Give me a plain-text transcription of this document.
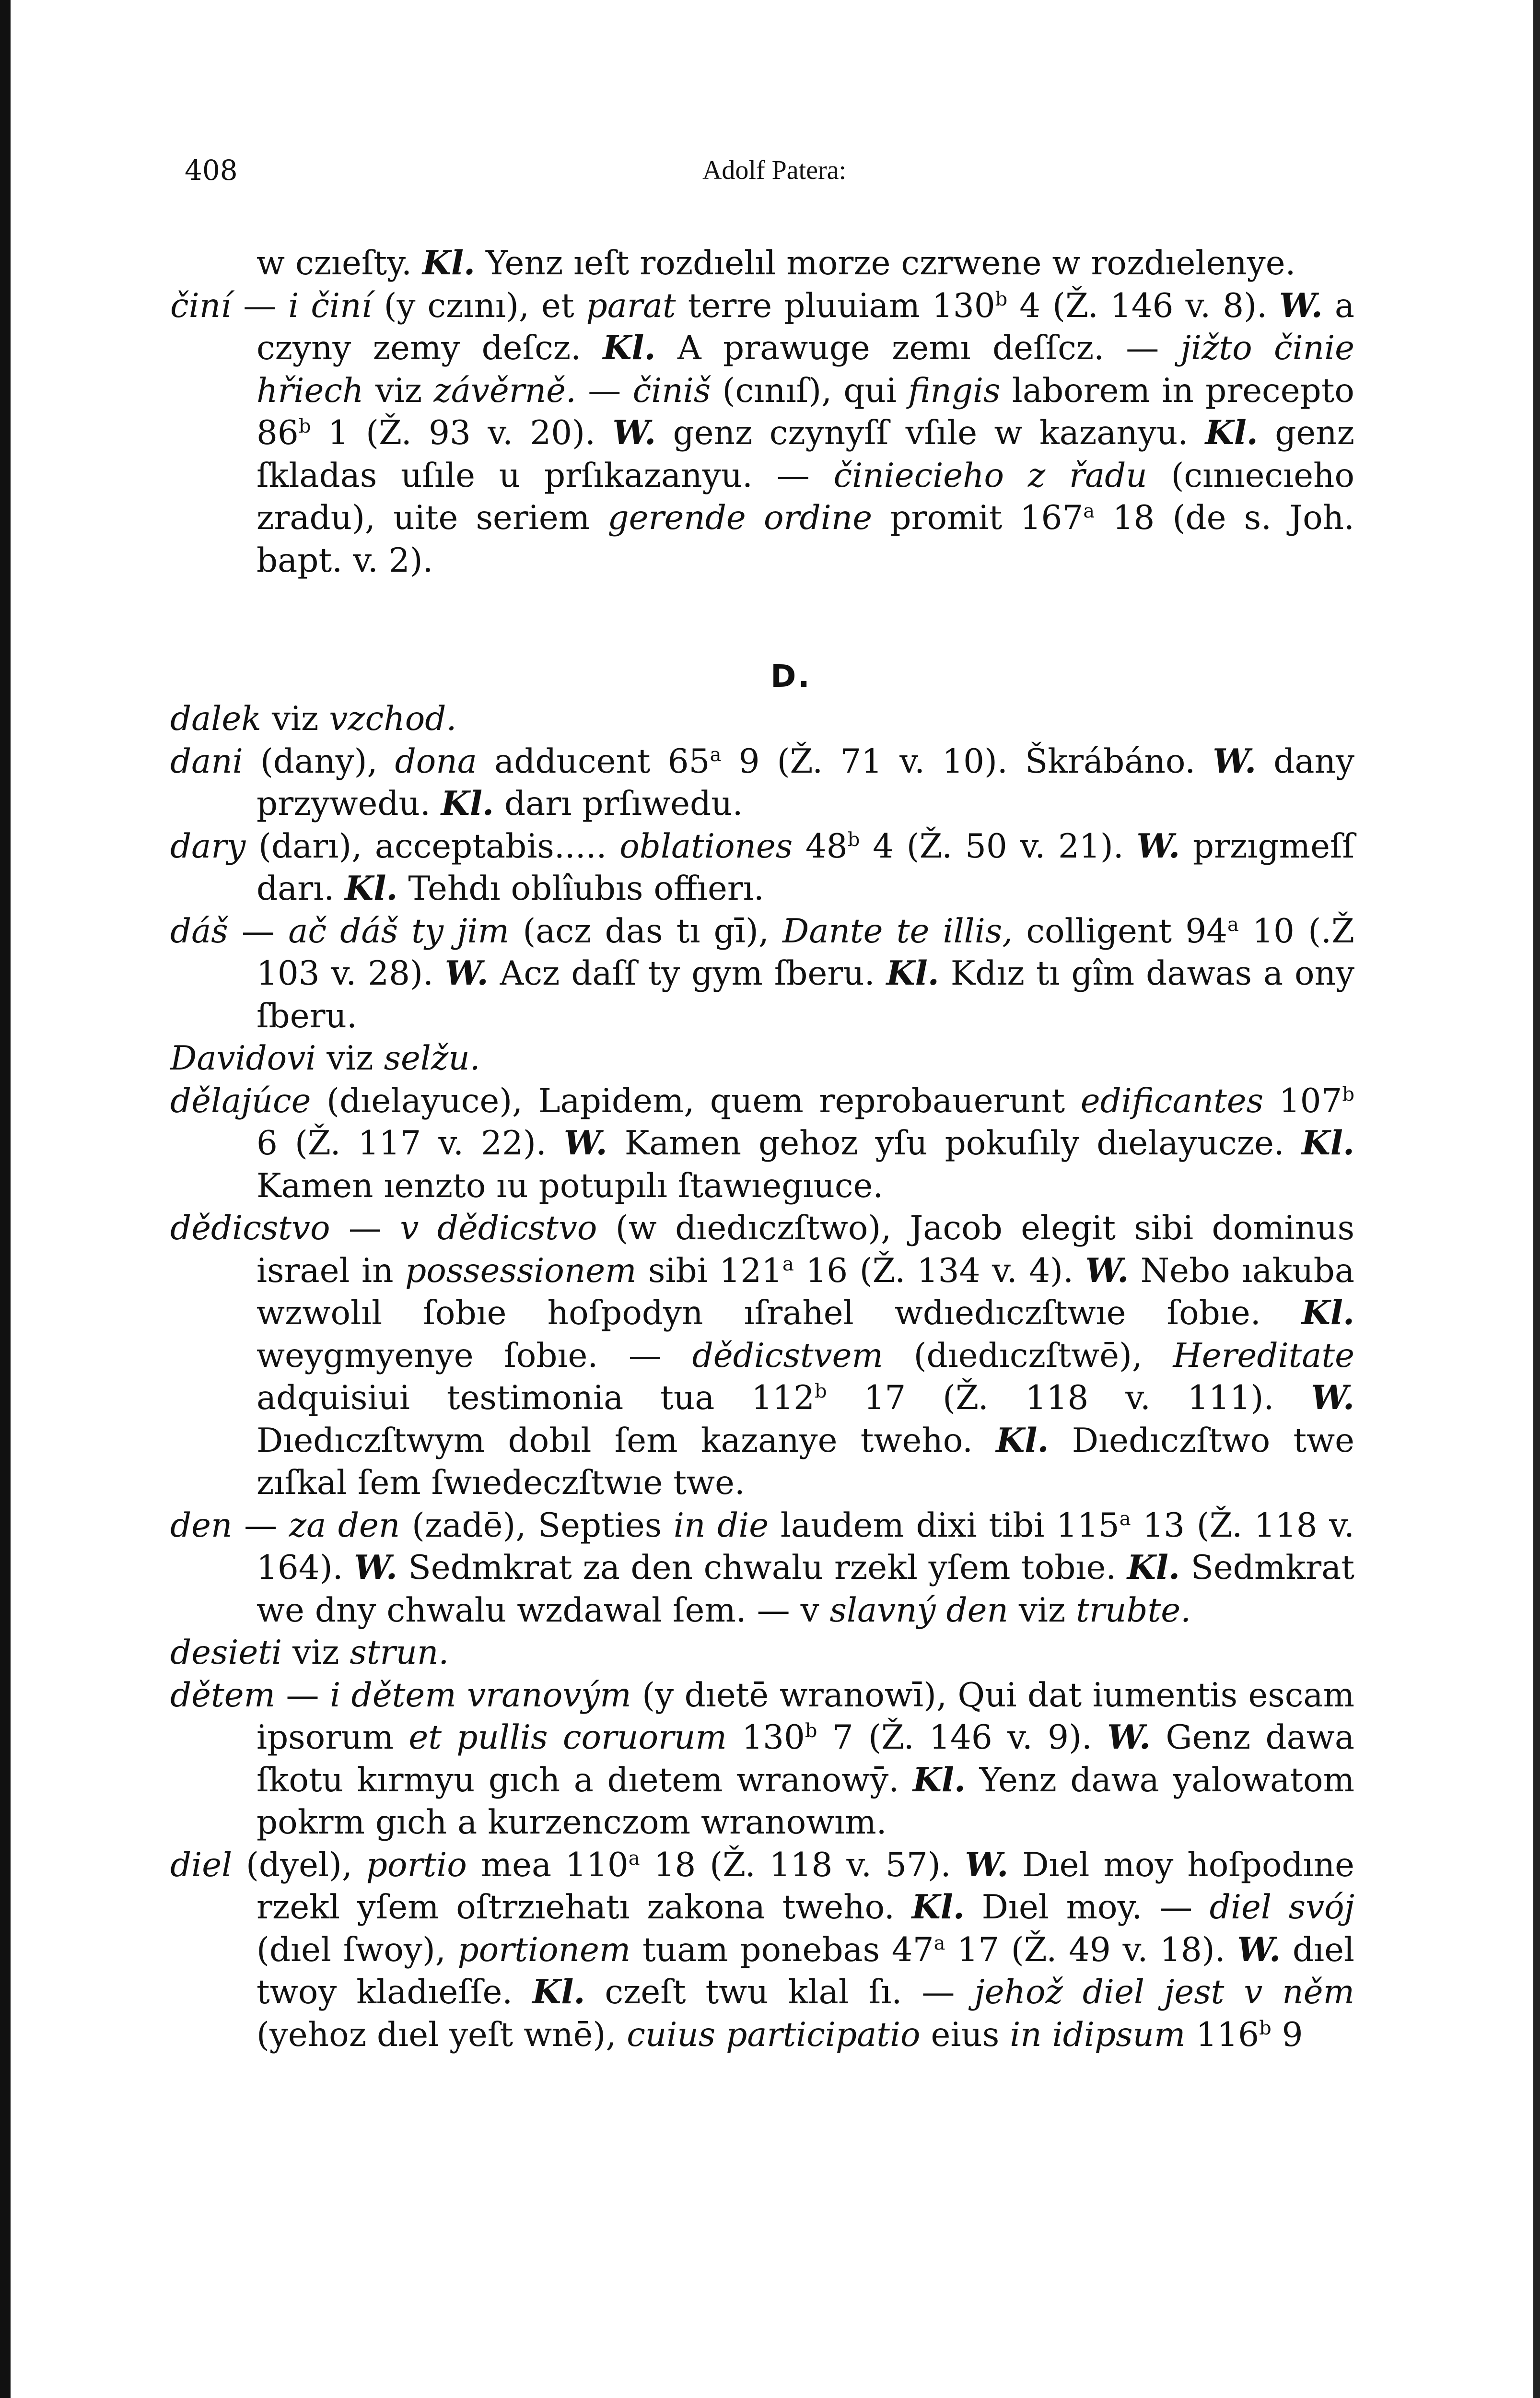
408	Adolf Patera:

w czıeſty. Kl. Yenz ıeſt rozdıelıl morze czrwene w rozdıelenye.

činí — i činí (y czını), et parat terre pluuiam 130$^b$ 4 (Ž. 146 v. 8). W. a czyny zemy deſcz. Kl. A prawuge zemı deſſcz. — jižto činie hřiech viz závěrně. — činiš (cınıſ), qui fingis laborem in precepto 86$^b$ 1 (Ž. 93 v. 20). W. genz czynyſſ vſıle w kazanyu. Kl. genz ſkladas uſıle u prſıkazanyu. — činiecieho z řadu (cınıecıeho zradu), uite seriem gerende ordine promit 167$^a$ 18 (de s. Joh. bapt. v. 2).

D.

dalek viz vzchod.

dani (dany), dona adducent 65$^a$ 9 (Ž. 71 v. 10). Škrábáno. W. dany przywedu. Kl. darı prſıwedu.

dary (darı), acceptabis..... oblationes 48$^b$ 4 (Ž. 50 v. 21). W. przıgmeſſ darı. Kl. Tehdı oblîubıs offıerı.

dáš — ač dáš ty jim (acz das tı gī), Dante te illis, colligent 94$^a$ 10 (.Ž 103 v. 28). W. Acz daſſ ty gym ſberu. Kl. Kdız tı gîm dawas a ony ſberu.

Davidovi viz selžu.

dělajúce (dıelayuce), Lapidem, quem reprobauerunt edificantes 107$^b$ 6 (Ž. 117 v. 22). W. Kamen gehoz yſu pokuſıly dıelayucze. Kl. Kamen ıenzto ıu potupılı ſtawıegıuce.

dědicstvo — v dědicstvo (w dıedıczſtwo), Jacob elegit sibi dominus israel in possessionem sibi 121$^a$ 16 (Ž. 134 v. 4). W. Nebo ıakuba wzwolıl ſobıe hoſpodyn ıſrahel wdıedıczſtwıe ſobıe. Kl. weygmyenye ſobıe. — dědicstvem (dıedıczſtwē), Hereditate adquisiui testimonia tua 112$^b$ 17 (Ž. 118 v. 111). W. Dıedıczſtwym dobıl ſem kazanye tweho. Kl. Dıedıczſtwo twe zıſkal ſem ſwıedeczſtwıe twe.

den — za den (zadē), Septies in die laudem dixi tibi 115$^a$ 13 (Ž. 118 v. 164). W. Sedmkrat za den chwalu rzekl yſem tobıe. Kl. Sedmkrat we dny chwalu wzdawal ſem. — v slavný den viz trubte.

desieti viz strun.

dětem — i dětem vranovým (y dıetē wranowī), Qui dat iumentis escam ipsorum et pullis coruorum 130$^b$ 7 (Ž. 146 v. 9). W. Genz dawa ſkotu kırmyu gıch a dıetem wranowȳ. Kl. Yenz dawa yalowatom pokrm gıch a kurzenczom wranowım.

diel (dyel), portio mea 110$^a$ 18 (Ž. 118 v. 57). W. Dıel moy hoſpodıne rzekl yſem oſtrzıehatı zakona tweho. Kl. Dıel moy. — diel svój (dıel ſwoy), portionem tuam ponebas 47$^a$ 17 (Ž. 49 v. 18). W. dıel twoy kladıeſſe. Kl. czeſt twu klal ſı. — jehož diel jest v něm (yehoz dıel yeſt wnē), cuius participatio eius in idipsum 116$^b$ 9
